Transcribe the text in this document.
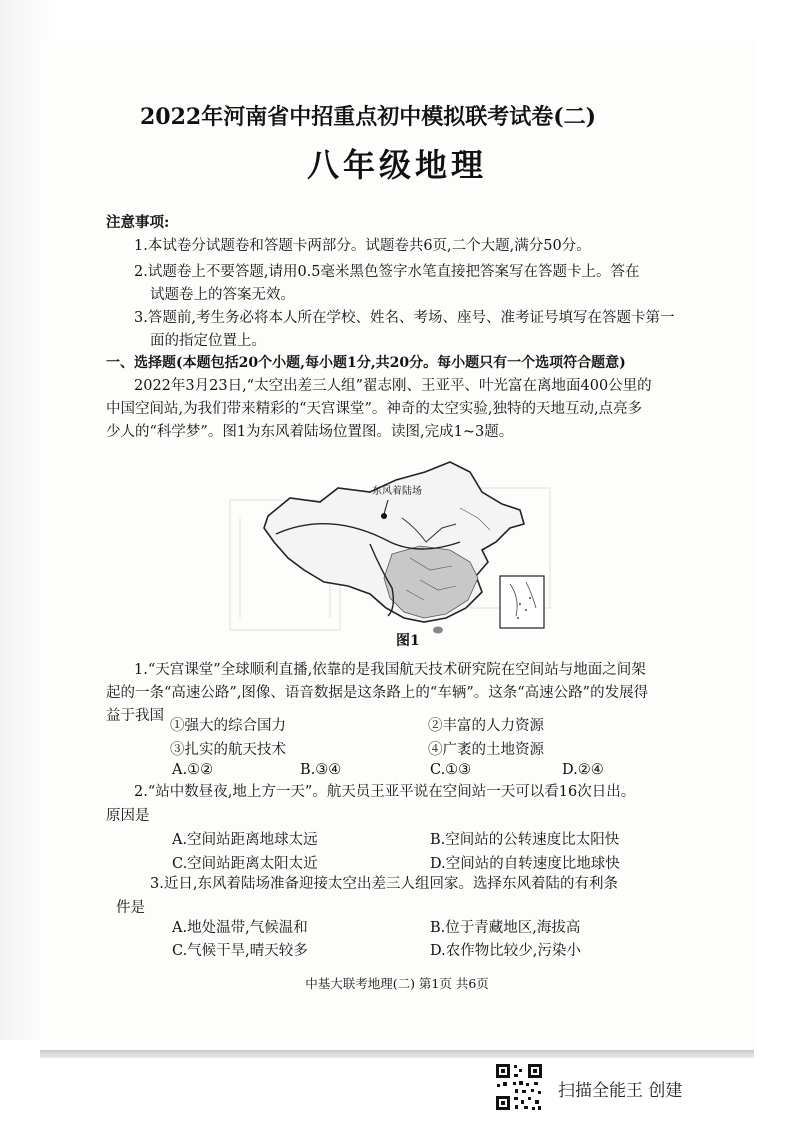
2022年河南省中招重点初中模拟联考试卷(二)
八年级地理
注意事项:
1.本试卷分试题卷和答题卡两部分。试题卷共6页,二个大题,满分50分。
2.试题卷上不要答题,请用0.5毫米黑色签字水笔直接把答案写在答题卡上。答在
试题卷上的答案无效。
3.答题前,考生务必将本人所在学校、姓名、考场、座号、准考证号填写在答题卡第一
面的指定位置上。
一、选择题(本题包括20个小题,每小题1分,共20分。每小题只有一个选项符合题意)
2022年3月23日,“太空出差三人组”翟志刚、王亚平、叶光富在离地面400公里的
中国空间站,为我们带来精彩的“天宫课堂”。神奇的太空实验,独特的天地互动,点亮多
少人的“科学梦”。图1为东风着陆场位置图。读图,完成1~3题。
东风着陆场
图1
1.“天宫课堂”全球顺利直播,依靠的是我国航天技术研究院在空间站与地面之间架
起的一条“高速公路”,图像、语音数据是这条路上的“车辆”。这条“高速公路”的发展得
益于我国
①强大的综合国力	②丰富的人力资源
③扎实的航天技术	④广袤的土地资源
A.①②	B.③④	C.①③	D.②④
2.“站中数昼夜,地上方一天”。航天员王亚平说在空间站一天可以看16次日出。
原因是
A.空间站距离地球太远	B.空间站的公转速度比太阳快
C.空间站距离太阳太近	D.空间站的自转速度比地球快
3.近日,东风着陆场准备迎接太空出差三人组回家。选择东风着陆的有利条
件是
A.地处温带,气候温和	B.位于青藏地区,海拔高
C.气候干旱,晴天较多	D.农作物比较少,污染小
中基大联考地理(二) 第1页 共6页
扫描全能王 创建
